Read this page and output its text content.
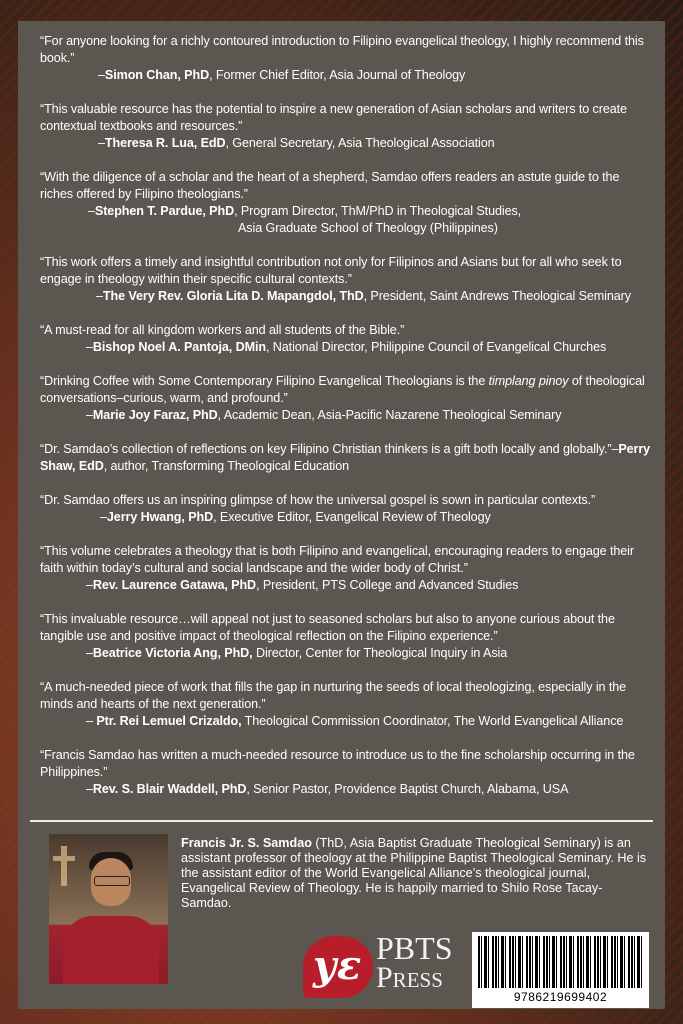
“For anyone looking for a richly contoured introduction to Filipino evangelical theology, I highly recommend this book.”
–Simon Chan, PhD, Former Chief Editor, Asia Journal of Theology

“This valuable resource has the potential to inspire a new generation of Asian scholars and writers to create contextual textbooks and resources.”
–Theresa R. Lua, EdD, General Secretary, Asia Theological Association

“With the diligence of a scholar and the heart of a shepherd, Samdao offers readers an astute guide to the riches offered by Filipino theologians.”
–Stephen T. Pardue, PhD, Program Director, ThM/PhD in Theological Studies,
Asia Graduate School of Theology (Philippines)

“This work offers a timely and insightful contribution not only for Filipinos and Asians but for all who seek to engage in theology within their specific cultural contexts.”
–The Very Rev. Gloria Lita D. Mapangdol, ThD, President, Saint Andrews Theological Seminary

“A must-read for all kingdom workers and all students of the Bible.”
–Bishop Noel A. Pantoja, DMin, National Director, Philippine Council of Evangelical Churches

“Drinking Coffee with Some Contemporary Filipino Evangelical Theologians is the timplang pinoy of theological conversations–curious, warm, and profound.”
–Marie Joy Faraz, PhD, Academic Dean, Asia-Pacific Nazarene Theological Seminary

“Dr. Samdao’s collection of reflections on key Filipino Christian thinkers is a gift both locally and globally.”–Perry Shaw, EdD, author, Transforming Theological Education

“Dr. Samdao offers us an inspiring glimpse of how the universal gospel is sown in particular contexts.”
–Jerry Hwang, PhD, Executive Editor, Evangelical Review of Theology

“This volume celebrates a theology that is both Filipino and evangelical, encouraging readers to engage their faith within today’s cultural and social landscape and the wider body of Christ.”
–Rev. Laurence Gatawa, PhD, President, PTS College and Advanced Studies

“This invaluable resource…will appeal not just to seasoned scholars but also to anyone curious about the tangible use and positive impact of theological reflection on the Filipino experience.”
–Beatrice Victoria Ang, PhD, Director, Center for Theological Inquiry in Asia

“A much-needed piece of work that fills the gap in nurturing the seeds of local theologizing, especially in the minds and hearts of the next generation.”
– Ptr. Rei Lemuel Crizaldo, Theological Commission Coordinator, The World Evangelical Alliance

“Francis Samdao has written a much-needed resource to introduce us to the fine scholarship occurring in the Philippines.”
–Rev. S. Blair Waddell, PhD, Senior Pastor, Providence Baptist Church, Alabama, USA

Francis Jr. S. Samdao (ThD, Asia Baptist Graduate Theological Seminary) is an assistant professor of theology at the Philippine Baptist Theological Seminary. He is the assistant editor of the World Evangelical Alliance’s theological journal, Evangelical Review of Theology. He is happily married to Shilo Rose Tacay-Samdao.
уε PBTS
Press
9786219699402
